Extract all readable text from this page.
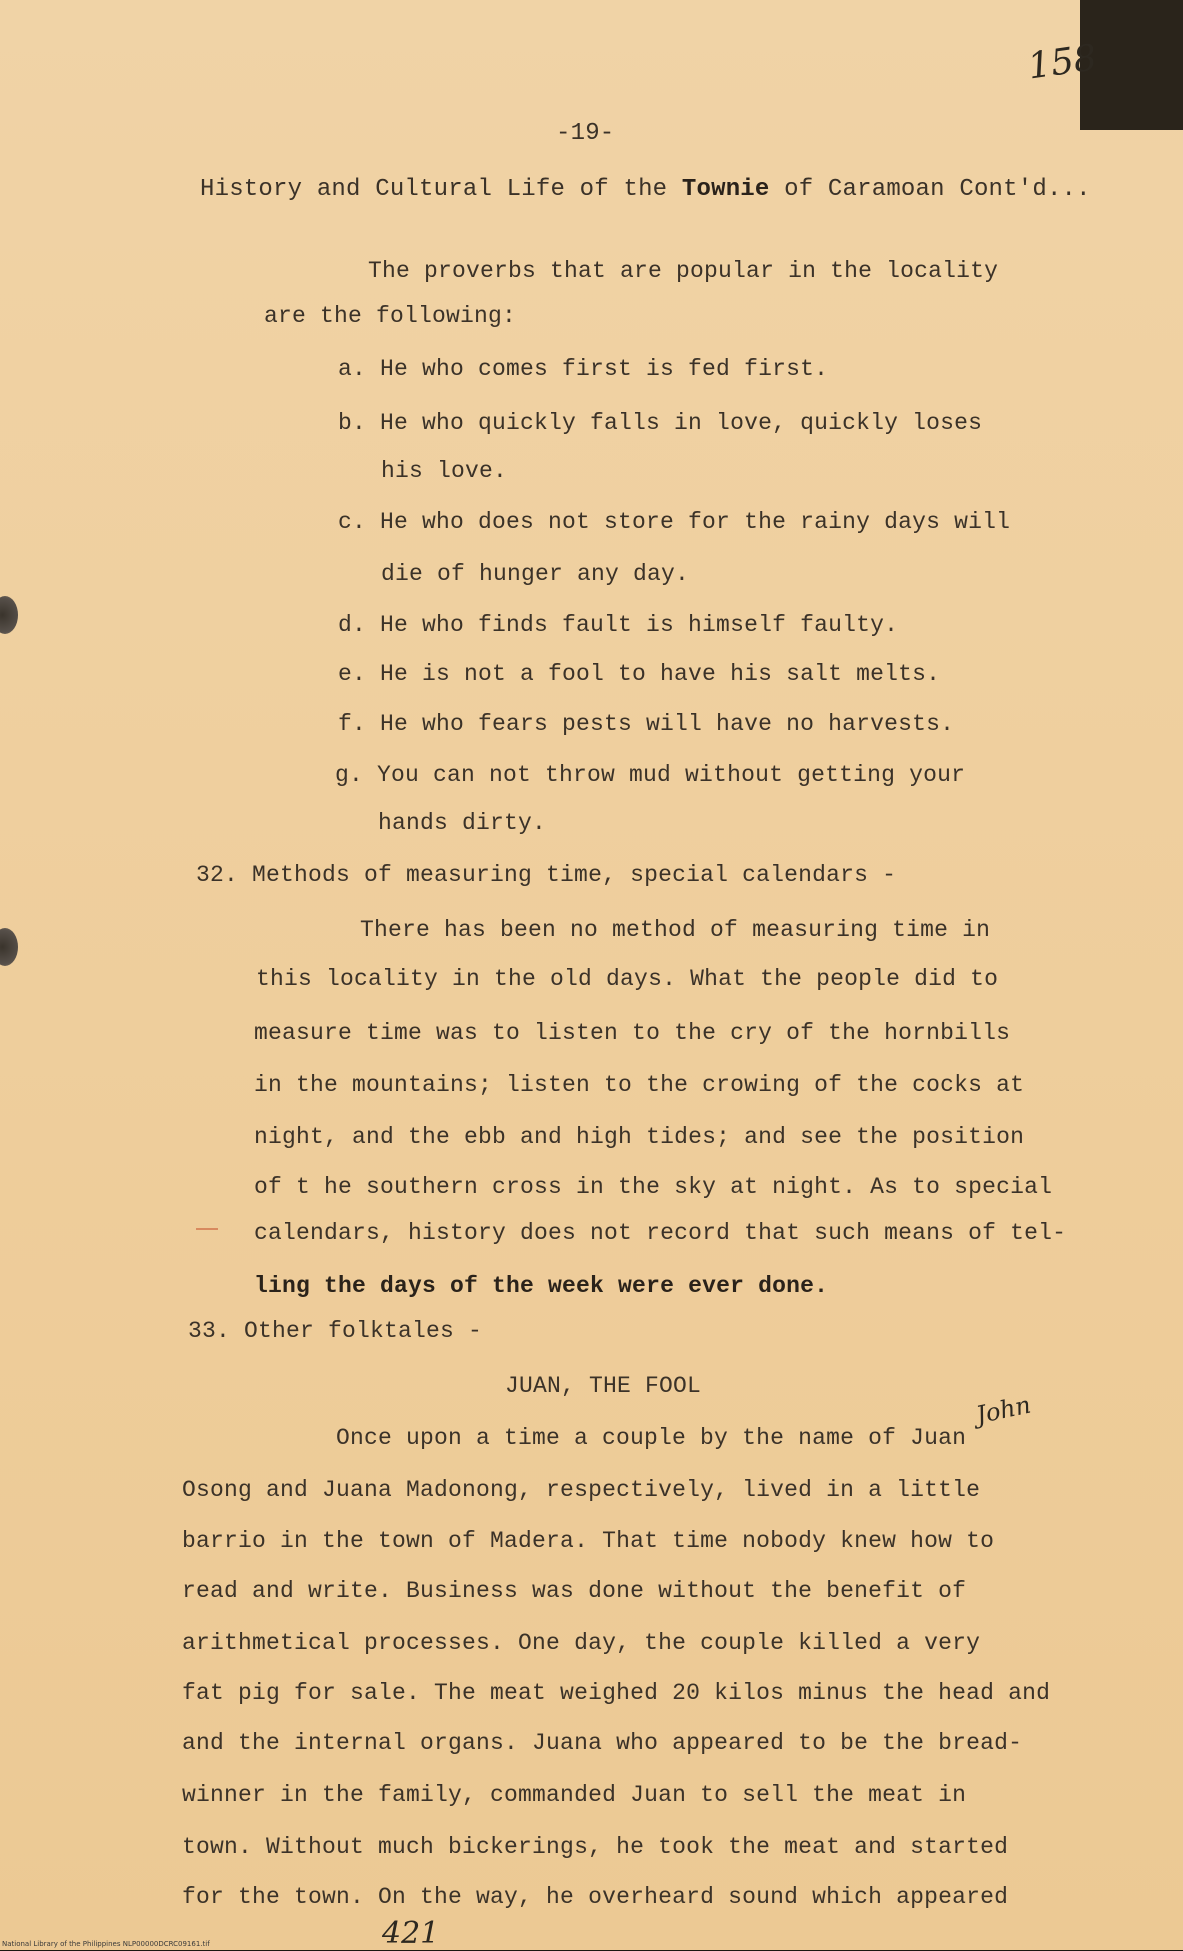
158
-19-
History and Cultural Life of the Townie of Caramoan Cont'd...
The proverbs that are popular in the locality
are the following:
a. He who comes first is fed first.
b. He who quickly falls in love, quickly loses
his love.
c. He who does not store for the rainy days will
die of hunger any day.
d. He who finds fault is himself faulty.
e. He is not a fool to have his salt melts.
f. He who fears pests will have no harvests.
g. You can not throw mud without getting your
hands dirty.
32. Methods of measuring time, special calendars -
There has been no method of measuring time in
this locality in the old days. What the people did to
measure time was to listen to the cry of the hornbills
in the mountains; listen to the crowing of the cocks at
night, and the ebb and high tides; and see the position
of t he southern cross in the sky at night. As to special
calendars, history does not record that such means of tel-
ling the days of the week were ever done.
33. Other folktales -
JUAN, THE FOOL
John
Once upon a time a couple by the name of Juan
Osong and Juana Madonong, respectively, lived in a little
barrio in the town of Madera. That time nobody knew how to
read and write. Business was done without the benefit of
arithmetical processes. One day, the couple killed a very
fat pig for sale. The meat weighed 20 kilos minus the head and
and the internal organs. Juana who appeared to be the bread-
winner in the family, commanded Juan to sell the meat in
town. Without much bickerings, he took the meat and started
for the town. On the way, he overheard sound which appeared
421
National Library of the Philippines NLP00000DCRC09161.tif
